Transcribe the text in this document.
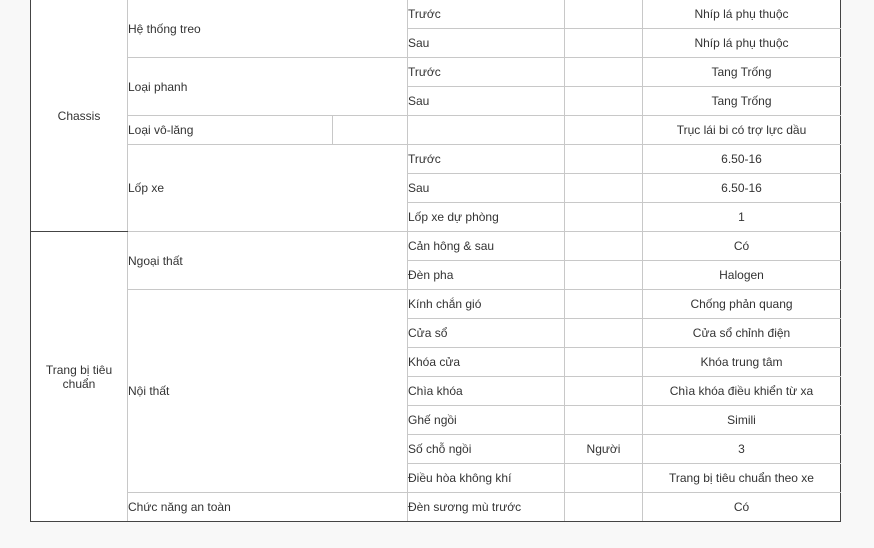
Chassis	Hệ thống treo		Trước		Nhíp lá phụ thuộc
			Sau		Nhíp lá phụ thuộc
	Loại phanh		Trước		Tang Trống
			Sau		Tang Trống
	Loại vô-lăng				Trục lái bi có trợ lực dầu
	Lốp xe		Trước		6.50-16
			Sau		6.50-16
			Lốp xe dự phòng		1
Trang bị tiêu chuẩn	Ngoại thất		Cản hông & sau		Có
			Đèn pha		Halogen
	Nội thất		Kính chắn gió		Chống phản quang
			Cửa sổ		Cửa sổ chỉnh điện
			Khóa cửa		Khóa trung tâm
			Chìa khóa		Chìa khóa điều khiển từ xa
			Ghế ngồi		Simili
			Số chỗ ngồi	Người	3
			Điều hòa không khí		Trang bị tiêu chuẩn theo xe
	Chức năng an toàn		Đèn sương mù trước		Có
